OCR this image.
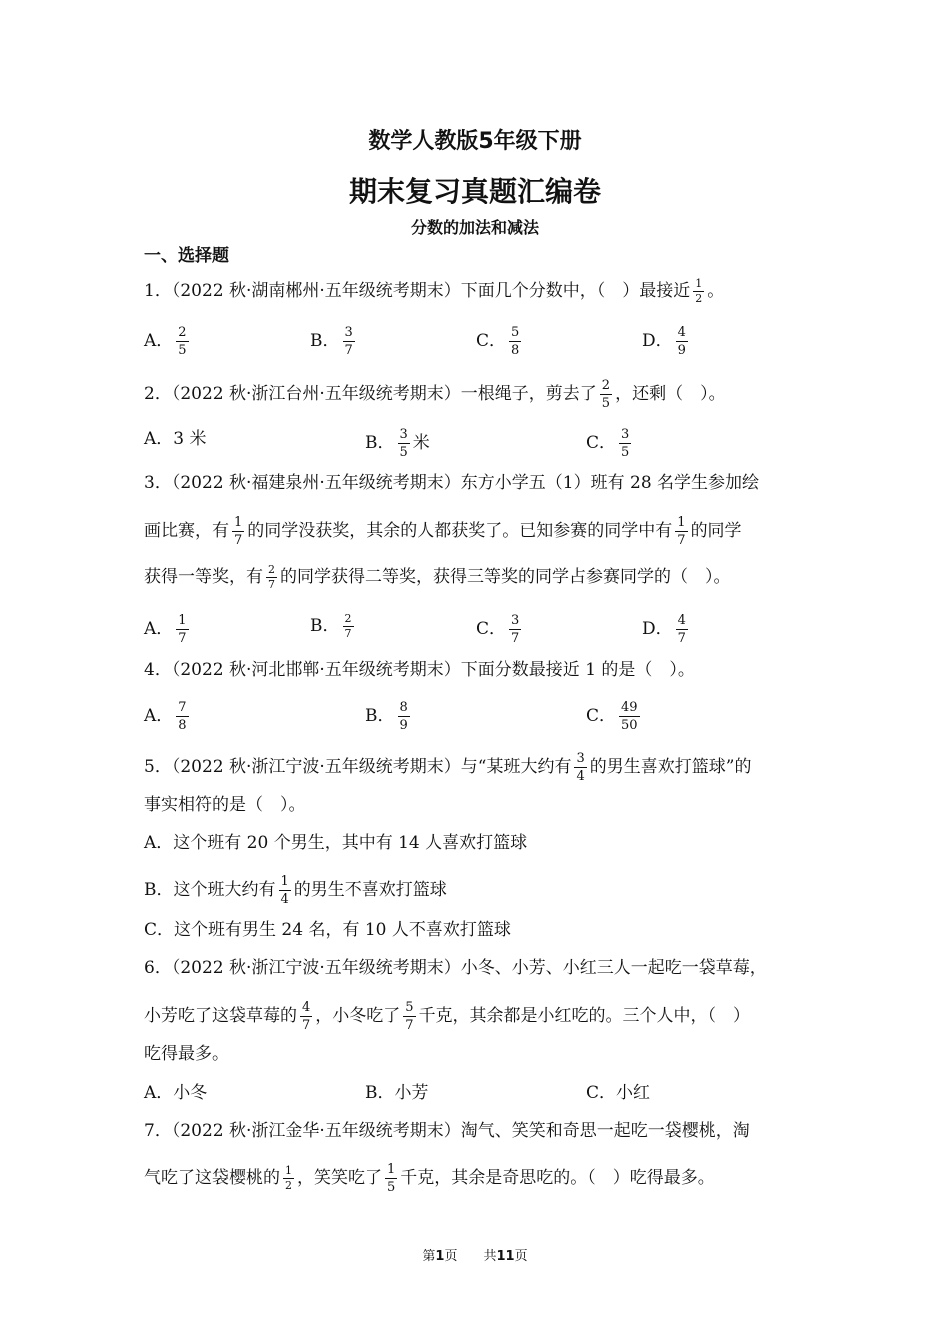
数学人教版5年级下册
期末复习真题汇编卷
分数的加法和减法
一、选择题
1．（2022 秋·湖南郴州·五年级统考期末）下面几个分数中，（　）最接近 $\frac{1}{2}$ 。
A． $\frac{2}{5}$	B． $\frac{3}{7}$	C． $\frac{5}{8}$	D． $\frac{4}{9}$
2．（2022 秋·浙江台州·五年级统考期末）一根绳子，剪去了 $\frac{2}{5}$ ，还剩（　）。
A．3 米	B． $\frac{3}{5}$ 米	C． $\frac{3}{5}$
3．（2022 秋·福建泉州·五年级统考期末）东方小学五（1）班有 28 名学生参加绘
画比赛，有 $\frac{1}{7}$ 的同学没获奖，其余的人都获奖了。已知参赛的同学中有 $\frac{1}{7}$ 的同学
获得一等奖，有 $\frac{2}{7}$ 的同学获得二等奖，获得三等奖的同学占参赛同学的（　）。
A． $\frac{1}{7}$	B． $\frac{2}{7}$	C． $\frac{3}{7}$	D． $\frac{4}{7}$
4．（2022 秋·河北邯郸·五年级统考期末）下面分数最接近 1 的是（　）。
A． $\frac{7}{8}$	B． $\frac{8}{9}$	C． $\frac{49}{50}$
5．（2022 秋·浙江宁波·五年级统考期末）与“某班大约有 $\frac{3}{4}$ 的男生喜欢打篮球”的
事实相符的是（　）。
A．这个班有 20 个男生，其中有 14 人喜欢打篮球
B．这个班大约有 $\frac{1}{4}$ 的男生不喜欢打篮球
C．这个班有男生 24 名，有 10 人不喜欢打篮球
6．（2022 秋·浙江宁波·五年级统考期末）小冬、小芳、小红三人一起吃一袋草莓，
小芳吃了这袋草莓的 $\frac{4}{7}$ ，小冬吃了 $\frac{5}{7}$ 千克，其余都是小红吃的。三个人中，（　）
吃得最多。
A．小冬	B．小芳	C．小红
7．（2022 秋·浙江金华·五年级统考期末）淘气、笑笑和奇思一起吃一袋樱桃，淘
气吃了这袋樱桃的 $\frac{1}{2}$ ，笑笑吃了 $\frac{1}{5}$ 千克，其余是奇思吃的。（　）吃得最多。
第1页　　共11页
